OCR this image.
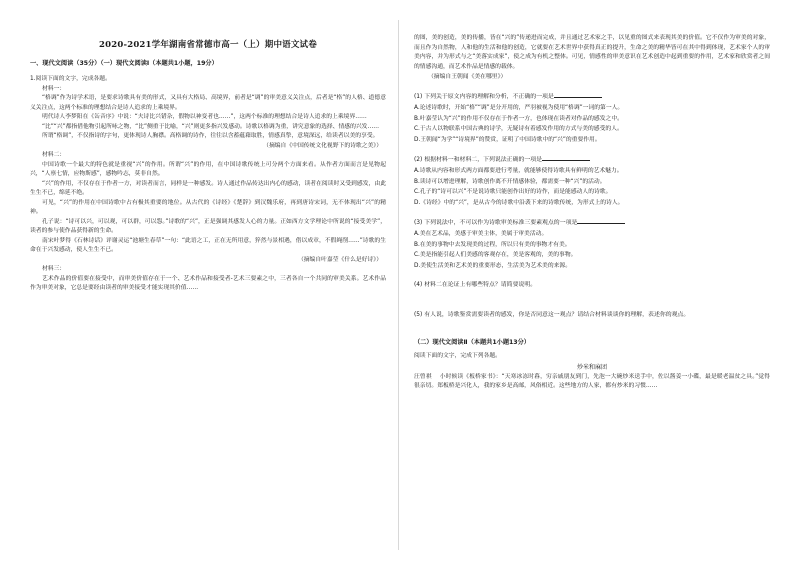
2020-2021学年湖南省常德市高一（上）期中语文试卷
一、现代文阅读（35分）（一）现代文阅读Ⅰ（本题共1小题，19分）
1.阅读下面的文字，完成各题。
材料一：
“格调”作为诗学术语，是要求诗歌具有美的形式，又具有大格局、高境界，前者是“调”的审美意义关注点，后者是“格”的人格、道德意义关注点，这两个标准的理想结合是诗人追求的上乘境界。
明代诗人李梦阳在《缶音序》中说：“夫诗比兴错杂，假物以神变者也……”，这两个标准的理想结合是诗人追求的上乘境界……
“比”“兴”都指借他物引起所咏之物，“比”侧重于比喻，“兴”则更多指兴发感动。诗歌以格调为重，讲究意象的选择、情感的兴发……
所谓“格调”，不仅指诗的字句，更体现诗人胸襟。高格调的诗作，往往以含蓄蕴藉取胜，情感真挚，意境深远，给读者以美的享受。
（摘编自《中国传统文化视野下的诗歌之美》）
材料二：
中国诗歌一个最大的特色就是重视“兴”的作用。所谓“兴”的作用，在中国诗歌传统上可分两个方面来看。从作者方面而言是见物起兴，“人禀七情，应物斯感”，感物吟志，莫非自然。
“兴”的作用，不仅存在于作者一方，对读者而言，同样是一种感发。诗人通过作品传达出内心的感动，读者在阅读时又受到感发，由此生生不已，绵延不绝。
可见，“兴”的作用在中国诗歌中占有极其重要的地位。从古代的《诗经》《楚辞》到汉魏乐府，再到唐诗宋词，无不体现出“兴”的精神。
孔子说：“诗可以兴，可以观，可以群，可以怨。”诗歌的“兴”，正是强调其感发人心的力量。正如西方文学理论中所说的“接受美学”，读者的参与使作品获得新的生命。
南宋叶梦得《石林诗话》评谢灵运“池塘生春草”一句：“此语之工，正在无所用意，猝然与景相遇，借以成章，不假绳削……”诗歌的生命在于兴发感动，使人生生不已。
（摘编自叶嘉莹《什么是好诗》）
材料三：
艺术作品的价值要在接受中，而审美价值存在于一个、艺术作品和接受者-艺术三要素之中，三者各自一个共同的审美关系。艺术作品作为审美对象，它总是要经由读者的审美接受才能实现其价值……
的图，美的创造，美的传播，皆在“兴的”传递进而完成，并且通过艺术家之手，以见重的图式来表现其美的价值。它不仅作为审美的对象，而且作为自然物，人和他的生活和他的创造，它就要在艺术世界中获得真正的提升，生命之美的精华皆可在其中得到体现，艺术家个人的审美内容，并为形式与之“美落实成家”，使之成为有机之整体。可见，情感性的审美意识在艺术创造中起到重要的作用，艺术家和欣赏者之间的情感沟通，而艺术作品是情感的载体。
（摘编自王朝闻《美在哪里》）
(1) 下列关于原文内容的理解和分析，不正确的一项是
A.论述诗歌时，开始“格”“调”是分开用的，严羽被视为使用“格调”一词的第一人。
B.叶嘉莹认为“兴”的作用不仅存在于作者一方，也体现在读者对作品的感发之中。
C.于古人以物联系中国古典的诗学，无疑诗有着感发作用的方式与美的感受的人。
D.王朝闻“为学”“诗境界”的赞赏，证明了中国诗歌中的“兴”的重要作用。
(2) 根据材料一和材料二，下列说法正确的一项是
A.诗歌从内容和形式两方面都要进行考量，就能够使得诗歌具有鲜明的艺术魅力。
B.读诗可以增进理解，诗歌创作离不开情感体验，都需要一种“兴”的活动。
C.孔子的“诗可以兴”不是说诗歌只能创作出好的诗作，而是能感动人的诗歌。
D.《诗经》中的“兴”，是从古今的诗歌中沿袭下来的诗歌传统，为形式上的诗人。
(3) 下列说法中，不可以作为诗歌审美标准三要素观点的一项是
A.美在艺术品，美感于审美主体，美属于审美活动。
B.在美的事物中去发现美的过程，所以只有美的事物才有美。
C.美是指能引起人们美感的客观存在，美是客观的，美的事物。
D.美使生活美和艺术美的重要形态，生活美为艺术美的来源。
(4) 材料二在论证上有哪些特点？请简要说明。
(5) 有人说，诗歌鉴赏需要读者的感发，你是否同意这一观点？请结合材料谈谈你的理解，表述你的观点。
（二）现代文阅读Ⅱ（本题共1小题13分）
阅读下面的文字，完成下列各题。
炒米和麻团
汪曾祺 小时候读《板桥家书》：“天寒冰冻时暮，穷亲戚朋友到门，先泡一大碗炒米送手中，佐以酱姜一小碟，最是暖老温贫之具。”觉得很亲切。郑板桥是兴化人，我的家乡是高邮，风俗相近。这些地方的人家，都有炒米的习惯……
